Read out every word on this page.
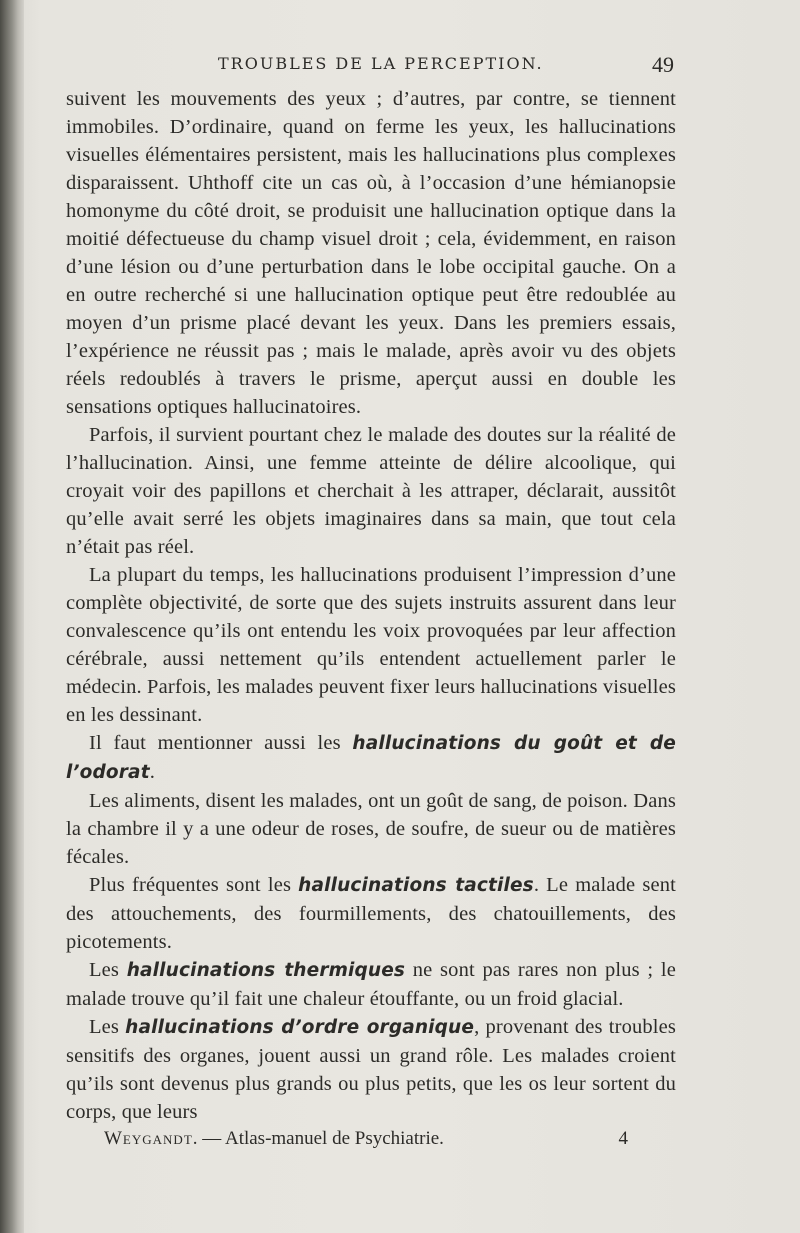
TROUBLES DE LA PERCEPTION.	49

suivent les mouvements des yeux ; d’autres, par contre, se tiennent immobiles. D’ordinaire, quand on ferme les yeux, les hallucinations visuelles élémentaires persistent, mais les hallucinations plus complexes disparaissent. Uhthoff cite un cas où, à l’occasion d’une hémianopsie homonyme du côté droit, se produisit une hallucination optique dans la moitié défectueuse du champ visuel droit ; cela, évidemment, en raison d’une lésion ou d’une perturbation dans le lobe occipital gauche. On a en outre recherché si une hallucination optique peut être redoublée au moyen d’un prisme placé devant les yeux. Dans les premiers essais, l’expérience ne réussit pas ; mais le malade, après avoir vu des objets réels redoublés à travers le prisme, aperçut aussi en double les sensations optiques hallucinatoires.

Parfois, il survient pourtant chez le malade des doutes sur la réalité de l’hallucination. Ainsi, une femme atteinte de délire alcoolique, qui croyait voir des papillons et cherchait à les attraper, déclarait, aussitôt qu’elle avait serré les objets imaginaires dans sa main, que tout cela n’était pas réel.

La plupart du temps, les hallucinations produisent l’impression d’une complète objectivité, de sorte que des sujets instruits assurent dans leur convalescence qu’ils ont entendu les voix provoquées par leur affection cérébrale, aussi nettement qu’ils entendent actuellement parler le médecin. Parfois, les malades peuvent fixer leurs hallucinations visuelles en les dessinant.

Il faut mentionner aussi les hallucinations du goût et de l’odorat.

Les aliments, disent les malades, ont un goût de sang, de poison. Dans la chambre il y a une odeur de roses, de soufre, de sueur ou de matières fécales.

Plus fréquentes sont les hallucinations tactiles. Le malade sent des attouchements, des fourmillements, des chatouillements, des picotements.

Les hallucinations thermiques ne sont pas rares non plus ; le malade trouve qu’il fait une chaleur étouffante, ou un froid glacial.

Les hallucinations d’ordre organique, provenant des troubles sensitifs des organes, jouent aussi un grand rôle. Les malades croient qu’ils sont devenus plus grands ou plus petits, que les os leur sortent du corps, que leurs

Weygandt. — Atlas-manuel de Psychiatrie.	4
